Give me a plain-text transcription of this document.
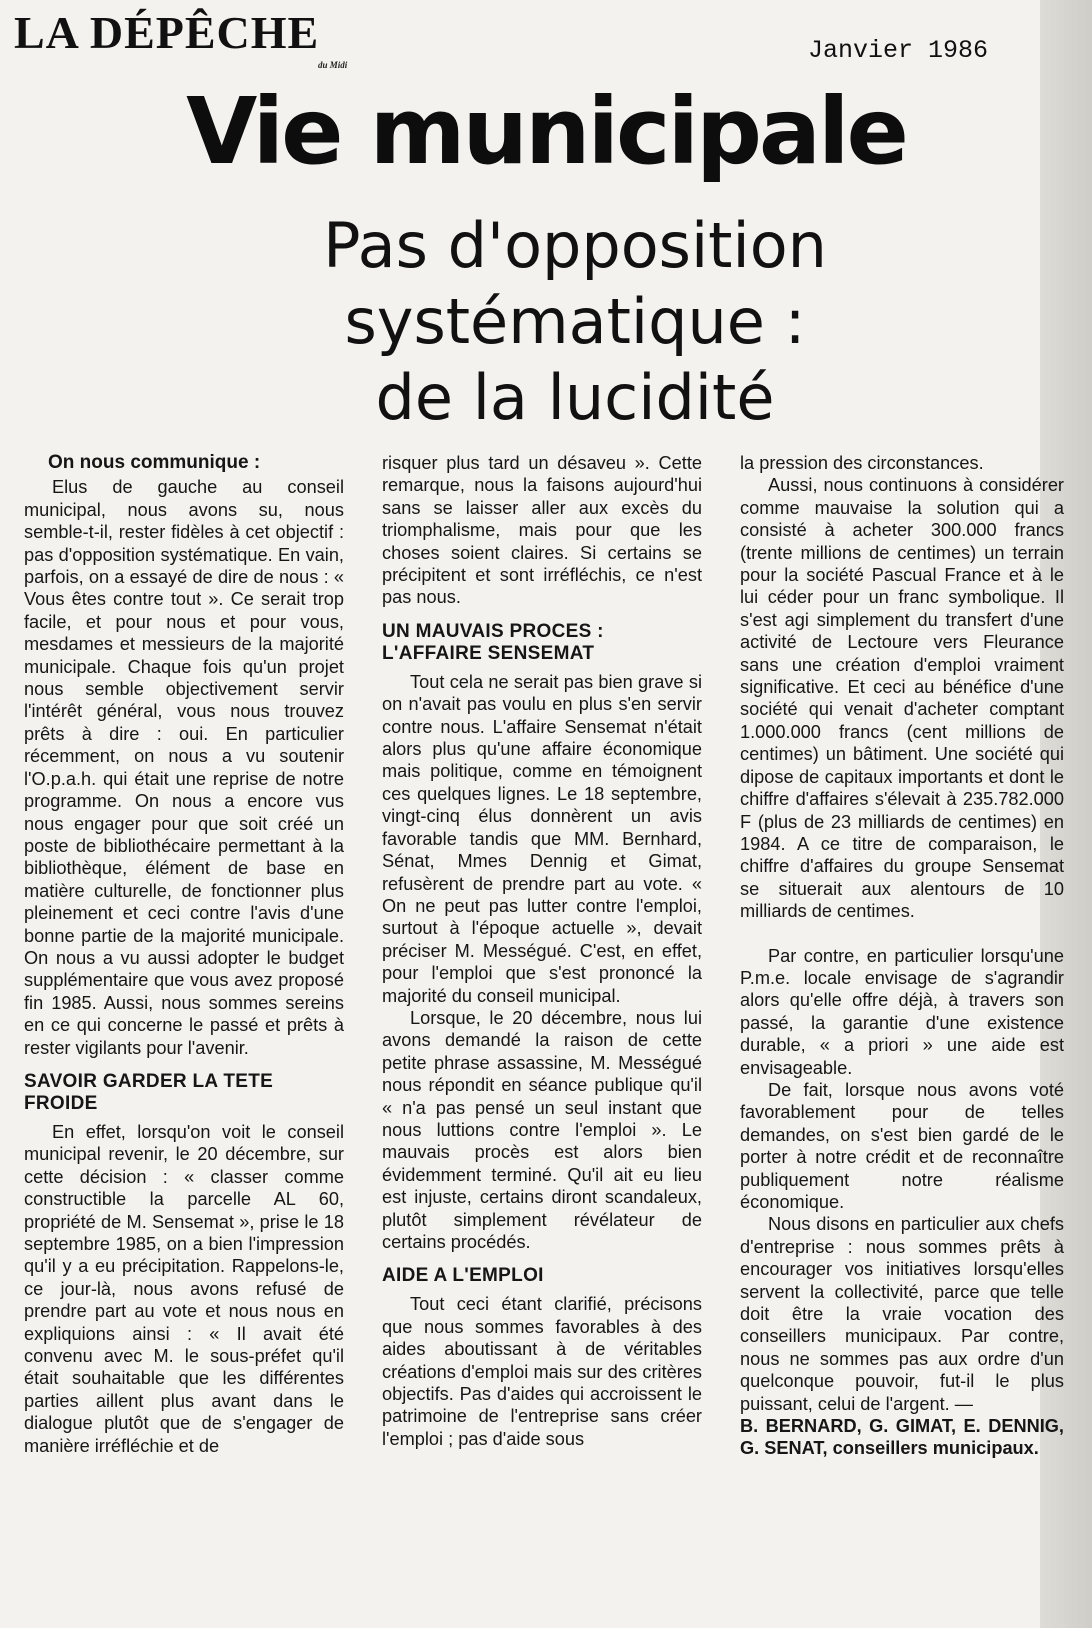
LA DÉPÊCHE
du Midi	Janvier 1986
Vie municipale
Pas d'opposition
systématique :
de la lucidité
On nous communique :

Elus de gauche au conseil municipal, nous avons su, nous semble-t-il, rester fidèles à cet objectif : pas d'opposition systématique. En vain, parfois, on a essayé de dire de nous : « Vous êtes contre tout ». Ce serait trop facile, et pour nous et pour vous, mesdames et messieurs de la majorité municipale. Chaque fois qu'un projet nous semble objectivement servir l'intérêt général, vous nous trouvez prêts à dire : oui. En particulier récemment, on nous a vu soutenir l'O.p.a.h. qui était une reprise de notre programme. On nous a encore vus nous engager pour que soit créé un poste de bibliothécaire permettant à la bibliothèque, élément de base en matière culturelle, de fonctionner plus pleinement et ceci contre l'avis d'une bonne partie de la majorité municipale. On nous a vu aussi adopter le budget supplémentaire que vous avez proposé fin 1985. Aussi, nous sommes sereins en ce qui concerne le passé et prêts à rester vigilants pour l'avenir.

SAVOIR GARDER LA TETE FROIDE

En effet, lorsqu'on voit le conseil municipal revenir, le 20 décembre, sur cette décision : « classer comme constructible la parcelle AL 60, propriété de M. Sensemat », prise le 18 septembre 1985, on a bien l'impression qu'il y a eu précipitation. Rappelons-le, ce jour-là, nous avons refusé de prendre part au vote et nous nous en expliquions ainsi : « Il avait été convenu avec M. le sous-préfet qu'il était souhaitable que les différentes parties aillent plus avant dans le dialogue plutôt que de s'engager de manière irréfléchie et de

risquer plus tard un désaveu ». Cette remarque, nous la faisons aujourd'hui sans se laisser aller aux excès du triomphalisme, mais pour que les choses soient claires. Si certains se précipitent et sont irréfléchis, ce n'est pas nous.

UN MAUVAIS PROCES : L'AFFAIRE SENSEMAT

Tout cela ne serait pas bien grave si on n'avait pas voulu en plus s'en servir contre nous. L'affaire Sensemat n'était alors plus qu'une affaire économique mais politique, comme en témoignent ces quelques lignes. Le 18 septembre, vingt-cinq élus donnèrent un avis favorable tandis que MM. Bernhard, Sénat, Mmes Dennig et Gimat, refusèrent de prendre part au vote. « On ne peut pas lutter contre l'emploi, surtout à l'époque actuelle », devait préciser M. Mességué. C'est, en effet, pour l'emploi que s'est prononcé la majorité du conseil municipal.

Lorsque, le 20 décembre, nous lui avons demandé la raison de cette petite phrase assassine, M. Mességué nous répondit en séance publique qu'il « n'a pas pensé un seul instant que nous luttions contre l'emploi ». Le mauvais procès est alors bien évidemment terminé. Qu'il ait eu lieu est injuste, certains diront scandaleux, plutôt simplement révélateur de certains procédés.

AIDE A L'EMPLOI

Tout ceci étant clarifié, précisons que nous sommes favorables à des aides aboutissant à de véritables créations d'emploi mais sur des critères objectifs. Pas d'aides qui accroissent le patrimoine de l'entreprise sans créer l'emploi ; pas d'aide sous

la pression des circonstances.

Aussi, nous continuons à considérer comme mauvaise la solution qui a consisté à acheter 300.000 francs (trente millions de centimes) un terrain pour la société Pascual France et à le lui céder pour un franc symbolique. Il s'est agi simplement du transfert d'une activité de Lectoure vers Fleurance sans une création d'emploi vraiment significative. Et ceci au bénéfice d'une société qui venait d'acheter comptant 1.000.000 francs (cent millions de centimes) un bâtiment. Une société qui dipose de capitaux importants et dont le chiffre d'affaires s'élevait à 235.782.000 F (plus de 23 milliards de centimes) en 1984. A ce titre de comparaison, le chiffre d'affaires du groupe Sensemat se situerait aux alentours de 10 milliards de centimes.

Par contre, en particulier lorsqu'une P.m.e. locale envisage de s'agrandir alors qu'elle offre déjà, à travers son passé, la garantie d'une existence durable, « a priori » une aide est envisageable.

De fait, lorsque nous avons voté favorablement pour de telles demandes, on s'est bien gardé de le porter à notre crédit et de reconnaître publiquement notre réalisme économique.

Nous disons en particulier aux chefs d'entreprise : nous sommes prêts à encourager vos initiatives lorsqu'elles servent la collectivité, parce que telle doit être la vraie vocation des conseillers municipaux. Par contre, nous ne sommes pas aux ordre d'un quelconque pouvoir, fut-il le plus puissant, celui de l'argent. —

B. BERNARD, G. GIMAT, E. DENNIG, G. SENAT, conseillers municipaux.
